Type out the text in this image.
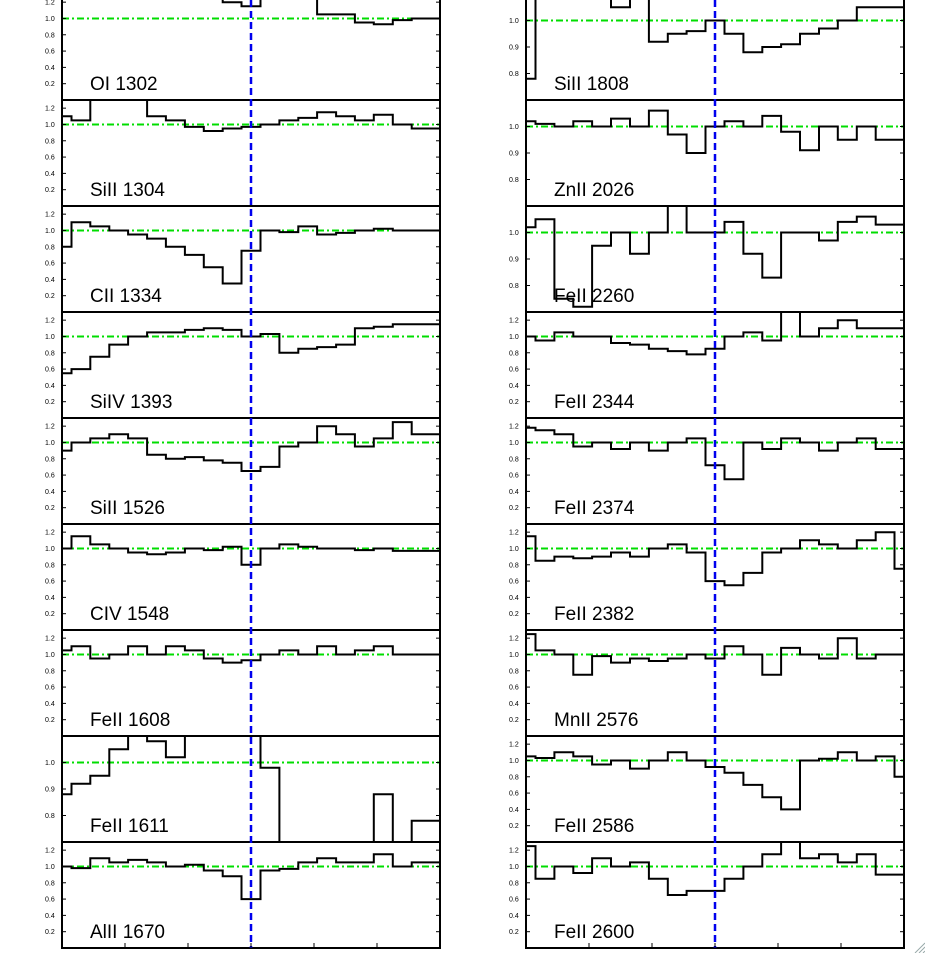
0.2
0.4
0.6
0.8
1.0
1.2
OI 1302
0.2
0.4
0.6
0.8
1.0
1.2
SiII 1304
0.2
0.4
0.6
0.8
1.0
1.2
CII 1334
0.2
0.4
0.6
0.8
1.0
1.2
SiIV 1393
0.2
0.4
0.6
0.8
1.0
1.2
SiII 1526
0.2
0.4
0.6
0.8
1.0
1.2
CIV 1548
0.2
0.4
0.6
0.8
1.0
1.2
FeII 1608
0.8
0.9
1.0
FeII 1611
0.2
0.4
0.6
0.8
1.0
1.2
AlII 1670
0.8
0.9
1.0
SiII 1808
0.8
0.9
1.0
ZnII 2026
0.8
0.9
1.0
FeII 2260
0.2
0.4
0.6
0.8
1.0
1.2
FeII 2344
0.2
0.4
0.6
0.8
1.0
1.2
FeII 2374
0.2
0.4
0.6
0.8
1.0
1.2
FeII 2382
0.2
0.4
0.6
0.8
1.0
1.2
MnII 2576
0.2
0.4
0.6
0.8
1.0
1.2
FeII 2586
0.2
0.4
0.6
0.8
1.0
1.2
FeII 2600
